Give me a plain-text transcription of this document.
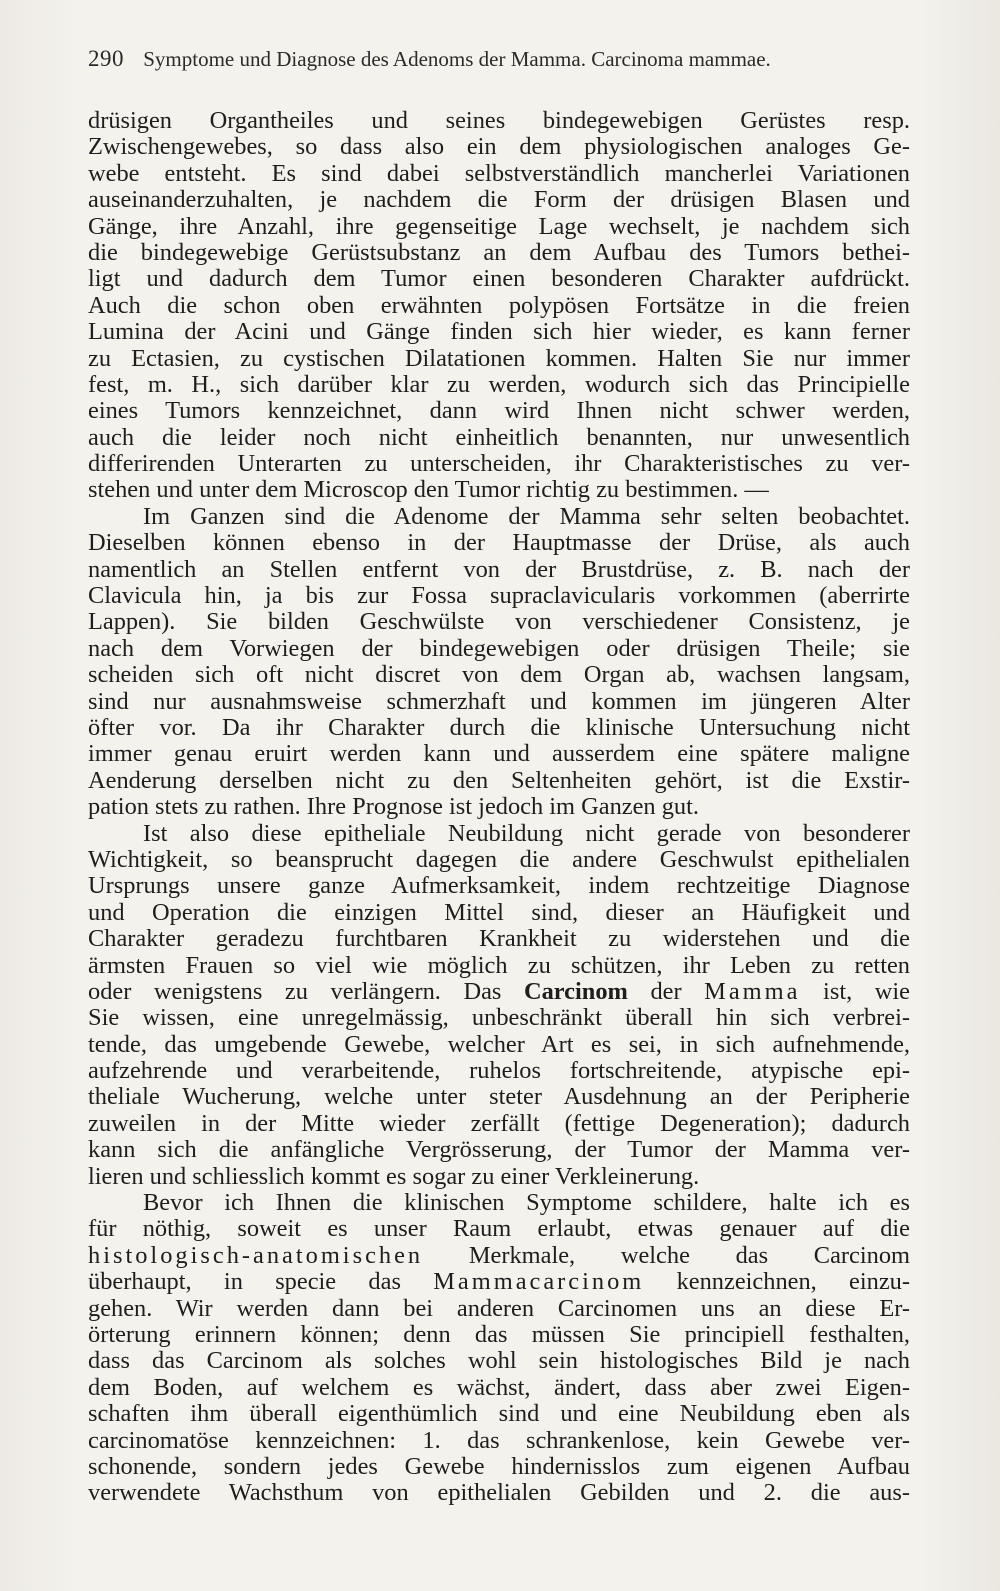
290 Symptome und Diagnose des Adenoms der Mamma. Carcinoma mammae.
drüsigen Organtheiles und seines bindegewebigen Gerüstes resp.
Zwischengewebes, so dass also ein dem physiologischen analoges Ge-
webe entsteht. Es sind dabei selbstverständlich mancherlei Variationen
auseinanderzuhalten, je nachdem die Form der drüsigen Blasen und
Gänge, ihre Anzahl, ihre gegenseitige Lage wechselt, je nachdem sich
die bindegewebige Gerüstsubstanz an dem Aufbau des Tumors bethei-
ligt und dadurch dem Tumor einen besonderen Charakter aufdrückt.
Auch die schon oben erwähnten polypösen Fortsätze in die freien
Lumina der Acini und Gänge finden sich hier wieder, es kann ferner
zu Ectasien, zu cystischen Dilatationen kommen. Halten Sie nur immer
fest, m. H., sich darüber klar zu werden, wodurch sich das Principielle
eines Tumors kennzeichnet, dann wird Ihnen nicht schwer werden,
auch die leider noch nicht einheitlich benannten, nur unwesentlich
differirenden Unterarten zu unterscheiden, ihr Charakteristisches zu ver-
stehen und unter dem Microscop den Tumor richtig zu bestimmen. —
Im Ganzen sind die Adenome der Mamma sehr selten beobachtet.
Dieselben können ebenso in der Hauptmasse der Drüse, als auch
namentlich an Stellen entfernt von der Brustdrüse, z. B. nach der
Clavicula hin, ja bis zur Fossa supraclavicularis vorkommen (aberrirte
Lappen). Sie bilden Geschwülste von verschiedener Consistenz, je
nach dem Vorwiegen der bindegewebigen oder drüsigen Theile; sie
scheiden sich oft nicht discret von dem Organ ab, wachsen langsam,
sind nur ausnahmsweise schmerzhaft und kommen im jüngeren Alter
öfter vor. Da ihr Charakter durch die klinische Untersuchung nicht
immer genau eruirt werden kann und ausserdem eine spätere maligne
Aenderung derselben nicht zu den Seltenheiten gehört, ist die Exstir-
pation stets zu rathen. Ihre Prognose ist jedoch im Ganzen gut.
Ist also diese epitheliale Neubildung nicht gerade von besonderer
Wichtigkeit, so beansprucht dagegen die andere Geschwulst epithelialen
Ursprungs unsere ganze Aufmerksamkeit, indem rechtzeitige Diagnose
und Operation die einzigen Mittel sind, dieser an Häufigkeit und
Charakter geradezu furchtbaren Krankheit zu widerstehen und die
ärmsten Frauen so viel wie möglich zu schützen, ihr Leben zu retten
oder wenigstens zu verlängern. Das Carcinom der Mamma ist, wie
Sie wissen, eine unregelmässig, unbeschränkt überall hin sich verbrei-
tende, das umgebende Gewebe, welcher Art es sei, in sich aufnehmende,
aufzehrende und verarbeitende, ruhelos fortschreitende, atypische epi-
theliale Wucherung, welche unter steter Ausdehnung an der Peripherie
zuweilen in der Mitte wieder zerfällt (fettige Degeneration); dadurch
kann sich die anfängliche Vergrösserung, der Tumor der Mamma ver-
lieren und schliesslich kommt es sogar zu einer Verkleinerung.
Bevor ich Ihnen die klinischen Symptome schildere, halte ich es
für nöthig, soweit es unser Raum erlaubt, etwas genauer auf die
histologisch-anatomischen Merkmale, welche das Carcinom
überhaupt, in specie das Mammacarcinom kennzeichnen, einzu-
gehen. Wir werden dann bei anderen Carcinomen uns an diese Er-
örterung erinnern können; denn das müssen Sie principiell festhalten,
dass das Carcinom als solches wohl sein histologisches Bild je nach
dem Boden, auf welchem es wächst, ändert, dass aber zwei Eigen-
schaften ihm überall eigenthümlich sind und eine Neubildung eben als
carcinomatöse kennzeichnen: 1. das schrankenlose, kein Gewebe ver-
schonende, sondern jedes Gewebe hindernisslos zum eigenen Aufbau
verwendete Wachsthum von epithelialen Gebilden und 2. die aus-
